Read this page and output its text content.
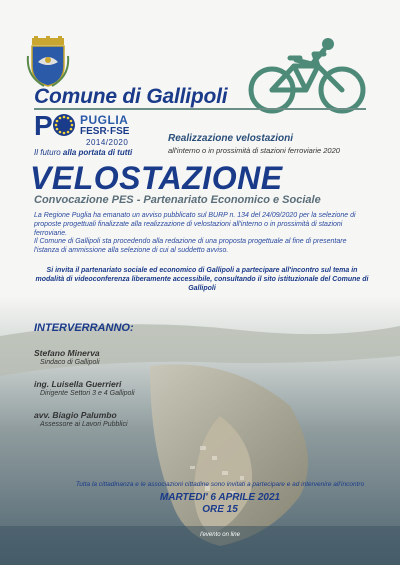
Comune di Gallipoli
P PUGLIA
FESR·FSE
2014/2020
Il futuro alla portata di tutti
Realizzazione velostazioni
all'interno o in prossimità di stazioni ferroviarie 2020
VELOSTAZIONE
Convocazione PES - Partenariato Economico e Sociale

La Regione Puglia ha emanato un avviso pubblicato sul BURP n. 134 del 24/09/2020 per la selezione di proposte progettuali finalizzate alla realizzazione di velostazioni all'interno o in prossimità di stazioni ferroviarie.

Il Comune di Gallipoli sta procedendo alla redazione di una proposta progettuale al fine di presentare l'istanza di ammissione alla selezione di cui al suddetto avviso.

Si invita il partenariato sociale ed economico di Gallipoli a partecipare all'incontro sul tema in modalità di videoconferenza liberamente accessibile, consultando il sito istituzionale del Comune di Gallipoli
INTERVERRANNO:
Stefano Minerva
Sindaco di Gallipoli
ing. Luisella Guerrieri
Dirigente Settori 3 e 4 Gallipoli
avv. Biagio Palumbo
Assessore ai Lavori Pubblici
Tutta la cittadinanza e le associazioni cittadine sono invitati a partecipare e ad intervenire all'incontro
MARTEDI' 6 APRILE 2021
ORE 15
l'evento on line
